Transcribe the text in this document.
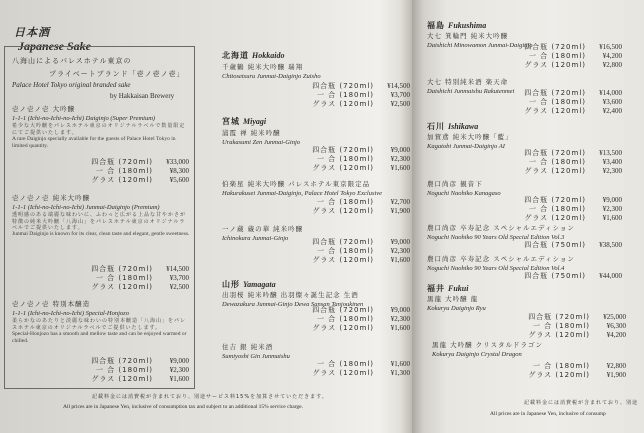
日本酒
Japanese Sake
八海山によるパレスホテル東京の
プライベートブランド「壱ノ壱ノ壱」
Palace Hotel Tokyo original branded sake
by Hakkaisan Brewery
壱ノ壱ノ壱 大吟醸
1-1-1 (Ichi-no-Ichi-no-Ichi) Daiginjo (Super Premium)
希少な大吟醸をパレスホテル東京のオリジナルラベルで数量限定にてご提供いたします。
A rare Daiginjo specially available for the guests of Palace Hotel Tokyo in limited quantity.
四合瓶 (720ml)	¥33,000
一 合 (180ml)	¥8,300
グラス (120ml)	¥5,600
壱ノ壱ノ壱 純米大吟醸
1-1-1 (Ichi-no-Ichi-no-Ichi) Junmai-Daiginjo (Premium)
透明感のある端麗な味わいに、ふわっと広がる上品な甘やかさが特徴の純米大吟醸「八海山」をパレスホテル東京のオリジナルラベルでご提供いたします。
Junmai Daiginjo is known for its clear, clean taste and elegant, gentle sweetness.
四合瓶 (720ml)	¥14,500
一 合 (180ml)	¥3,700
グラス (120ml)	¥2,500
壱ノ壱ノ壱 特別本醸造
1-1-1 (Ichi-no-Ichi-no-Ichi) Special-Honjozo
柔らかなのあたりと淡麗な味わいの特別本醸造「八海山」をパレスホテル東京のオリジナルラベルでご提供いたします。
Special-Honjozo has a smooth and mellow taste and can be enjoyed warmed or chilled.
四合瓶 (720ml)	¥9,000
一 合 (180ml)	¥2,300
グラス (120ml)	¥1,600
北海道 Hokkaido
千歳鶴 純米大吟醸 瑞翔
Chitosetsuru Junmai-Daiginjo Zuisho
四合瓶 (720ml)	¥14,500
一 合 (180ml)	¥3,700
グラス (120ml)	¥2,500
宮城 Miyagi
浦霞 禅 純米吟醸
Urakasumi Zen Junmai-Ginjo
四合瓶 (720ml)	¥9,000
一 合 (180ml)	¥2,300
グラス (120ml)	¥1,600
伯楽星 純米大吟醸 パレスホテル東京限定品
Hakurakusei Junmai-Daiginjo, Palace Hotel Tokyo Exclusive
一 合 (180ml)	¥2,700
グラス (120ml)	¥1,900
一ノ蔵 蔵の華 純米吟醸
Ichinokura Junmai-Ginjo	四合瓶 (720ml)	¥9,000
一 合 (180ml)	¥2,300
グラス (120ml)	¥1,600
山形 Yamagata
出羽桜 純米吟醸 出羽燦々誕生記念 生酒
Dewazakura Junmai-Ginjo Dewa Sansan Tanjoukinen
四合瓶 (720ml)	¥9,000
一 合 (180ml)	¥2,300
グラス (120ml)	¥1,600
住吉 銀 純米酒
Sumiyoshi Gin Junmaishu
一 合 (180ml)	¥1,600
グラス (120ml)	¥1,300
記載料金には消費税が含まれており、別途サービス料15%を加算させていただきます。
All prices are in Japanese Yen, inclusive of consumption tax and subject to an additional 15% service charge.
福島 Fukushima
大七 箕輪門 純米大吟醸
Daishichi Minowamon Junmai-Daiginjo
四合瓶 (720ml)	¥16,500
一 合 (180ml)	¥4,200
グラス (120ml)	¥2,800
大七 特別純米酒 楽天命
Daishichi Junmaishu Rakutenmei 四合瓶 (720ml)	¥14,000
一 合 (180ml)	¥3,600
グラス (120ml)	¥2,400
石川 Ishikawa
加賀鳶 純米大吟醸「藍」
Kagatobi Junmai-Daiginjo AI
四合瓶 (720ml)	¥13,500
一 合 (180ml)	¥3,400
グラス (120ml)	¥2,300
農口尚彦 観音下
Noguchi Naohiko Kanagaso
四合瓶 (720ml)	¥9,000
一 合 (180ml)	¥2,300
グラス (120ml)	¥1,600
農口尚彦 卒寿記念 スペシャルエディション
Noguchi Naohiko 90 Years Old Special Edition Vol.3
四合瓶 (750ml)	¥38,500
農口尚彦 卒寿記念 スペシャルエディション
Noguchi Naohiko 90 Years Old Special Edition Vol.4
四合瓶 (750ml)	¥44,000
福井 Fukui
黒龍 大吟醸 龍
Kokuryu Daiginjo Ryu
四合瓶 (720ml)	¥25,000
一 合 (180ml)	¥6,300
グラス (120ml)	¥4,200
黒龍 大吟醸 クリスタルドラゴン
Kokuryu Daiginjo Crystal Dragon
一 合 (180ml)	¥2,800
グラス (120ml)	¥1,900
記載料金には消費税が含まれており、別途
All prices are in Japanese Yen, inclusive of consump
